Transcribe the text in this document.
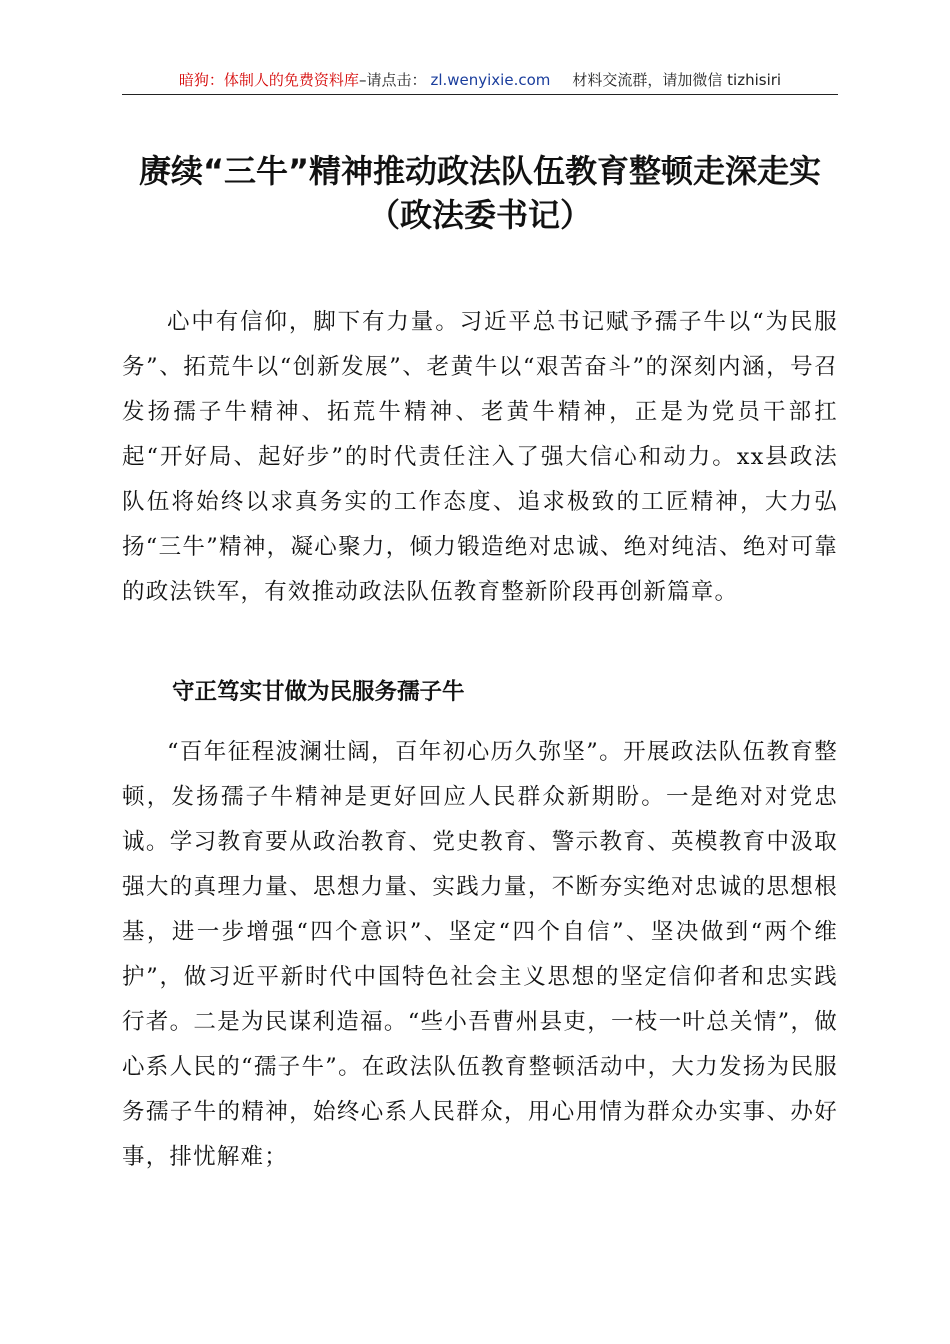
暗狗：体制人的免费资料库–请点击： zl.wenyixie.com 材料交流群，请加微信 tizhisiri
赓续“三牛”精神推动政法队伍教育整顿走深走实（政法委书记）

心中有信仰，脚下有力量。习近平总书记赋予孺子牛以“为民服务”、拓荒牛以“创新发展”、老黄牛以“艰苦奋斗”的深刻内涵，号召发扬孺子牛精神、拓荒牛精神、老黄牛精神，正是为党员干部扛起“开好局、起好步”的时代责任注入了强大信心和动力。xx县政法队伍将始终以求真务实的工作态度、追求极致的工匠精神，大力弘扬“三牛”精神，凝心聚力，倾力锻造绝对忠诚、绝对纯洁、绝对可靠的政法铁军，有效推动政法队伍教育整新阶段再创新篇章。

守正笃实甘做为民服务孺子牛

“百年征程波澜壮阔，百年初心历久弥坚”。开展政法队伍教育整顿，发扬孺子牛精神是更好回应人民群众新期盼。一是绝对对党忠诚。学习教育要从政治教育、党史教育、警示教育、英模教育中汲取强大的真理力量、思想力量、实践力量，不断夯实绝对忠诚的思想根基，进一步增强“四个意识”、坚定“四个自信”、坚决做到“两个维护”，做习近平新时代中国特色社会主义思想的坚定信仰者和忠实践行者。二是为民谋利造福。“些小吾曹州县吏，一枝一叶总关情”，做心系人民的“孺子牛”。在政法队伍教育整顿活动中，大力发扬为民服务孺子牛的精神，始终心系人民群众，用心用情为群众办实事、办好事，排忧解难；
